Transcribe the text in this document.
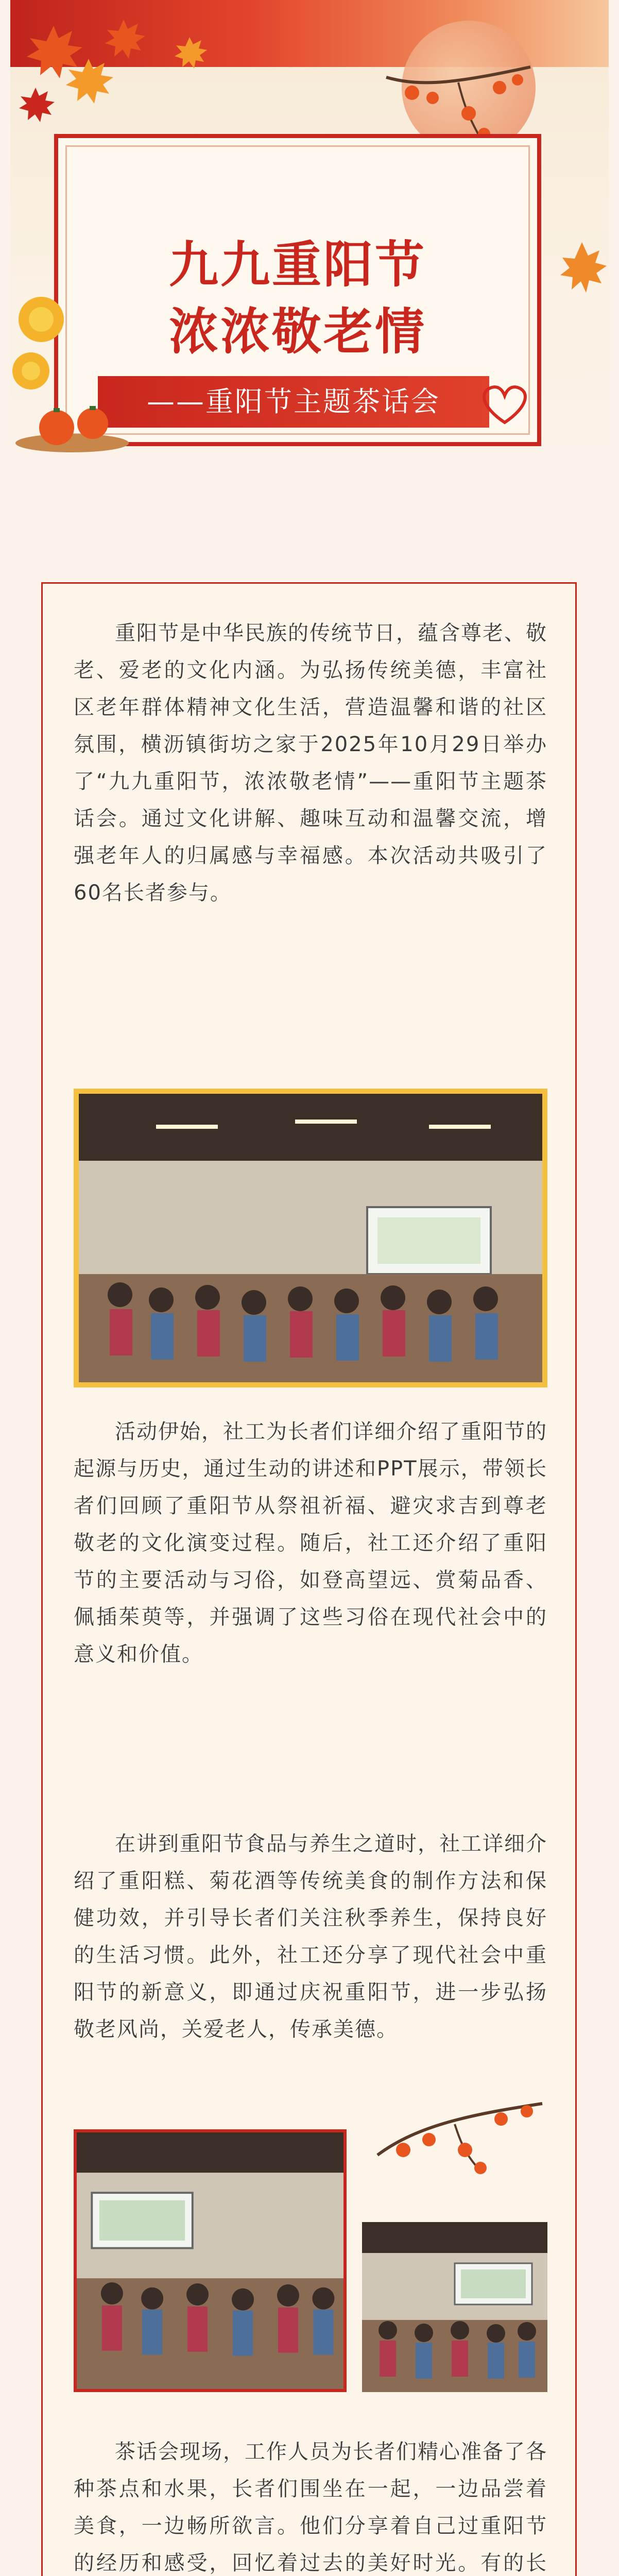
九九重阳节
浓浓敬老情
——重阳节主题茶话会

重阳节是中华民族的传统节日，蕴含尊老、敬老、爱老的文化内涵。为弘扬传统美德，丰富社区老年群体精神文化生活，营造温馨和谐的社区氛围，横沥镇街坊之家于2025年10月29日举办了“九九重阳节，浓浓敬老情”——重阳节主题茶话会。通过文化讲解、趣味互动和温馨交流，增强老年人的归属感与幸福感。本次活动共吸引了60名长者参与。

活动伊始，社工为长者们详细介绍了重阳节的起源与历史，通过生动的讲述和PPT展示，带领长者们回顾了重阳节从祭祖祈福、避灾求吉到尊老敬老的文化演变过程。随后，社工还介绍了重阳节的主要活动与习俗，如登高望远、赏菊品香、佩插茱萸等，并强调了这些习俗在现代社会中的意义和价值。

在讲到重阳节食品与养生之道时，社工详细介绍了重阳糕、菊花酒等传统美食的制作方法和保健功效，并引导长者们关注秋季养生，保持良好的生活习惯。此外，社工还分享了现代社会中重阳节的新意义，即通过庆祝重阳节，进一步弘扬敬老风尚，关爱老人，传承美德。

茶话会现场，工作人员为长者们精心准备了各种茶点和水果，长者们围坐在一起，一边品尝着美食，一边畅所欲言。他们分享着自己过重阳节的经历和感受，回忆着过去的美好时光。有的长
